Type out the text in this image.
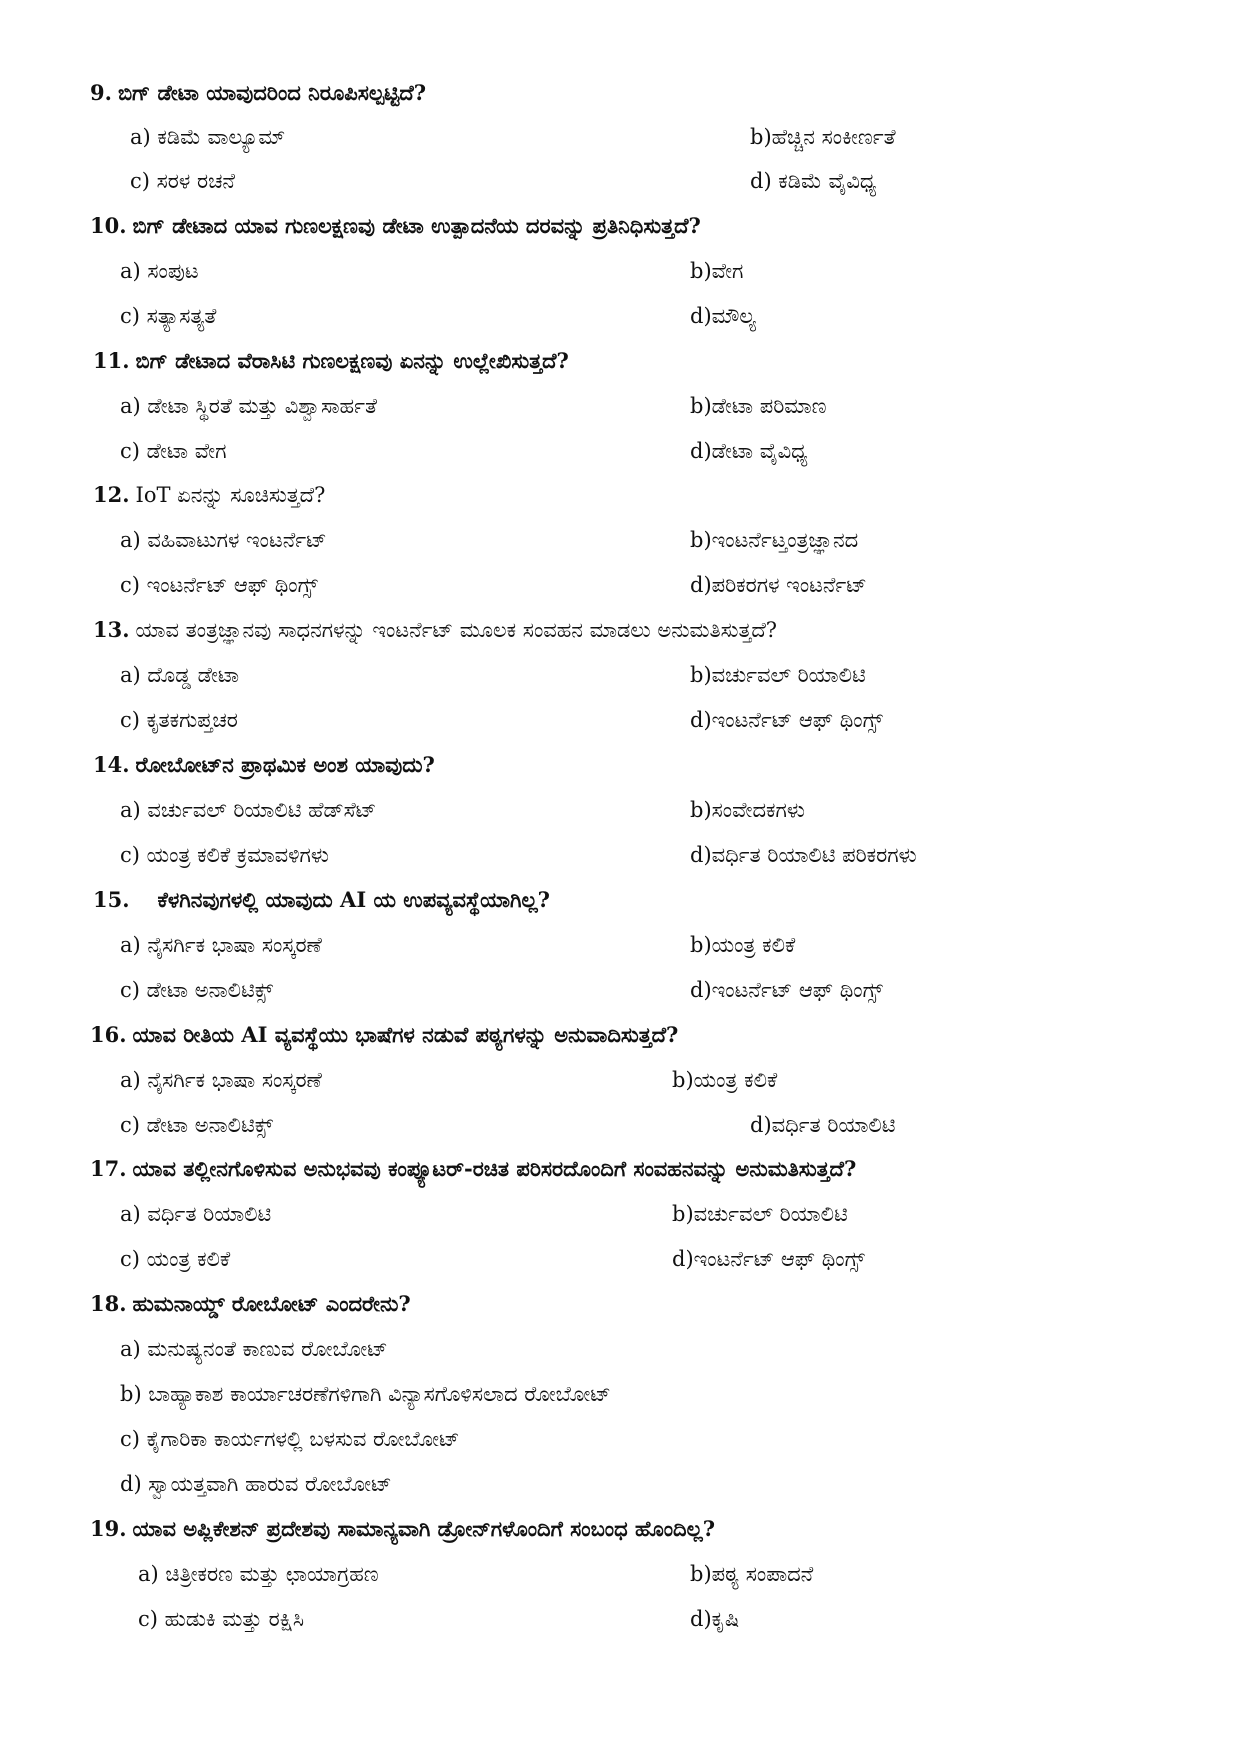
9. ಬಿಗ್ ಡೇಟಾ ಯಾವುದರಿಂದ ನಿರೂಪಿಸಲ್ಪಟ್ಟಿದೆ?
a) ಕಡಿಮೆ ವಾಲ್ಯೂಮ್	b)ಹೆಚ್ಚಿನ ಸಂಕೀರ್ಣತೆ
c) ಸರಳ ರಚನೆ	d) ಕಡಿಮೆ ವೈವಿಧ್ಯ
10. ಬಿಗ್ ಡೇಟಾದ ಯಾವ ಗುಣಲಕ್ಷಣವು ಡೇಟಾ ಉತ್ಪಾದನೆಯ ದರವನ್ನು ಪ್ರತಿನಿಧಿಸುತ್ತದೆ?
a) ಸಂಪುಟ	b)ವೇಗ
c) ಸತ್ಯಾಸತ್ಯತೆ	d)ಮೌಲ್ಯ
11. ಬಿಗ್ ಡೇಟಾದ ವೆರಾಸಿಟಿ ಗುಣಲಕ್ಷಣವು ಏನನ್ನು ಉಲ್ಲೇಖಿಸುತ್ತದೆ?
a) ಡೇಟಾ ಸ್ಥಿರತೆ ಮತ್ತು ವಿಶ್ವಾಸಾರ್ಹತೆ	b)ಡೇಟಾ ಪರಿಮಾಣ
c) ಡೇಟಾ ವೇಗ	d)ಡೇಟಾ ವೈವಿಧ್ಯ
12. IoT ಏನನ್ನು ಸೂಚಿಸುತ್ತದೆ?
a) ವಹಿವಾಟುಗಳ ಇಂಟರ್ನೆಟ್	b)ಇಂಟರ್ನೆಟ್ತಂತ್ರಜ್ಞಾನದ
c) ಇಂಟರ್ನೆಟ್ ಆಫ್ ಥಿಂಗ್ಸ್	d)ಪರಿಕರಗಳ ಇಂಟರ್ನೆಟ್
13. ಯಾವ ತಂತ್ರಜ್ಞಾನವು ಸಾಧನಗಳನ್ನು ಇಂಟರ್ನೆಟ್ ಮೂಲಕ ಸಂವಹನ ಮಾಡಲು ಅನುಮತಿಸುತ್ತದೆ?
a) ದೊಡ್ಡ ಡೇಟಾ	b)ವರ್ಚುವಲ್ ರಿಯಾಲಿಟಿ
c) ಕೃತಕಗುಪ್ತಚರ	d)ಇಂಟರ್ನೆಟ್ ಆಫ್ ಥಿಂಗ್ಸ್
14. ರೋಬೋಟ್‌ನ ಪ್ರಾಥಮಿಕ ಅಂಶ ಯಾವುದು?
a) ವರ್ಚುವಲ್ ರಿಯಾಲಿಟಿ ಹೆಡ್‌ಸೆಟ್	b)ಸಂವೇದಕಗಳು
c) ಯಂತ್ರ ಕಲಿಕೆ ಕ್ರಮಾವಳಿಗಳು	d)ವರ್ಧಿತ ರಿಯಾಲಿಟಿ ಪರಿಕರಗಳು
15. ಕೆಳಗಿನವುಗಳಲ್ಲಿ ಯಾವುದು AI ಯ ಉಪವ್ಯವಸ್ಥೆಯಾಗಿಲ್ಲ?
a) ನೈಸರ್ಗಿಕ ಭಾಷಾ ಸಂಸ್ಕರಣೆ	b)ಯಂತ್ರ ಕಲಿಕೆ
c) ಡೇಟಾ ಅನಾಲಿಟಿಕ್ಸ್	d)ಇಂಟರ್ನೆಟ್ ಆಫ್ ಥಿಂಗ್ಸ್
16. ಯಾವ ರೀತಿಯ AI ವ್ಯವಸ್ಥೆಯು ಭಾಷೆಗಳ ನಡುವೆ ಪಠ್ಯಗಳನ್ನು ಅನುವಾದಿಸುತ್ತದೆ?
a) ನೈಸರ್ಗಿಕ ಭಾಷಾ ಸಂಸ್ಕರಣೆ	b)ಯಂತ್ರ ಕಲಿಕೆ
c) ಡೇಟಾ ಅನಾಲಿಟಿಕ್ಸ್	d)ವರ್ಧಿತ ರಿಯಾಲಿಟಿ
17. ಯಾವ ತಲ್ಲೀನಗೊಳಿಸುವ ಅನುಭವವು ಕಂಪ್ಯೂಟರ್-ರಚಿತ ಪರಿಸರದೊಂದಿಗೆ ಸಂವಹನವನ್ನು ಅನುಮತಿಸುತ್ತದೆ?
a) ವರ್ಧಿತ ರಿಯಾಲಿಟಿ	b)ವರ್ಚುವಲ್ ರಿಯಾಲಿಟಿ
c) ಯಂತ್ರ ಕಲಿಕೆ	d)ಇಂಟರ್ನೆಟ್ ಆಫ್ ಥಿಂಗ್ಸ್
18. ಹುಮನಾಯ್ಡ್ ರೋಬೋಟ್ ಎಂದರೇನು?
a) ಮನುಷ್ಯನಂತೆ ಕಾಣುವ ರೋಬೋಟ್
b) ಬಾಹ್ಯಾಕಾಶ ಕಾರ್ಯಾಚರಣೆಗಳಿಗಾಗಿ ವಿನ್ಯಾಸಗೊಳಿಸಲಾದ ರೋಬೋಟ್
c) ಕೈಗಾರಿಕಾ ಕಾರ್ಯಗಳಲ್ಲಿ ಬಳಸುವ ರೋಬೋಟ್
d) ಸ್ವಾಯತ್ತವಾಗಿ ಹಾರುವ ರೋಬೋಟ್
19. ಯಾವ ಅಪ್ಲಿಕೇಶನ್ ಪ್ರದೇಶವು ಸಾಮಾನ್ಯವಾಗಿ ಡ್ರೋನ್‌ಗಳೊಂದಿಗೆ ಸಂಬಂಧ ಹೊಂದಿಲ್ಲ?
a) ಚಿತ್ರೀಕರಣ ಮತ್ತು ಛಾಯಾಗ್ರಹಣ	b)ಪಠ್ಯ ಸಂಪಾದನೆ
c) ಹುಡುಕಿ ಮತ್ತು ರಕ್ಷಿಸಿ	d)ಕೃಷಿ
